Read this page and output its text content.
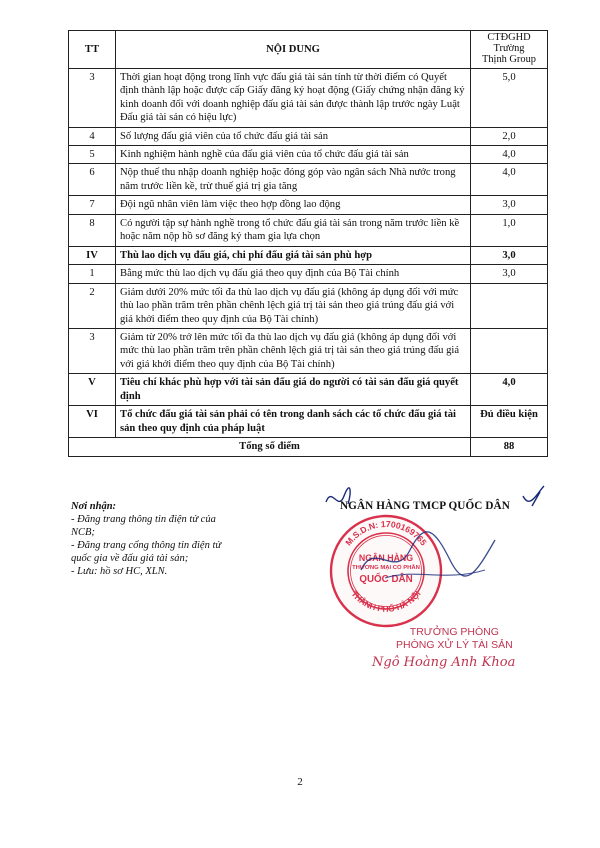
TT	NỘI DUNG	CTĐGHD
Trường
Thịnh Group
3	Thời gian hoạt động trong lĩnh vực đấu giá tài sản tính từ thời điểm có Quyết định thành lập hoặc được cấp Giấy đăng ký hoạt động (Giấy chứng nhận đăng ký kinh doanh đối với doanh nghiệp đấu giá tài sản được thành lập trước ngày Luật Đấu giá tài sản có hiệu lực)	5,0
4	Số lượng đấu giá viên của tổ chức đấu giá tài sản	2,0
5	Kinh nghiệm hành nghề của đấu giá viên của tổ chức đấu giá tài sản	4,0
6	Nộp thuế thu nhập doanh nghiệp hoặc đóng góp vào ngân sách Nhà nước trong năm trước liền kề, trừ thuế giá trị gia tăng	4,0
7	Đội ngũ nhân viên làm việc theo hợp đồng lao động	3,0
8	Có người tập sự hành nghề trong tổ chức đấu giá tài sản trong năm trước liền kề hoặc năm nộp hồ sơ đăng ký tham gia lựa chọn	1,0
IV	Thù lao dịch vụ đấu giá, chi phí đấu giá tài sản phù hợp	3,0
1	Bằng mức thù lao dịch vụ đấu giá theo quy định của Bộ Tài chính	3,0
2	Giảm dưới 20% mức tối đa thù lao dịch vụ đấu giá (không áp dụng đối với mức thù lao phần trăm trên phần chênh lệch giá trị tài sản theo giá trúng đấu giá với giá khởi điểm theo quy định của Bộ Tài chính)	
3	Giảm từ 20% trở lên mức tối đa thù lao dịch vụ đấu giá (không áp dụng đối với mức thù lao phần trăm trên phần chênh lệch giá trị tài sản theo giá trúng đấu giá với giá khởi điểm theo quy định của Bộ Tài chính)	
V	Tiêu chí khác phù hợp với tài sản đấu giá do người có tài sản đấu giá quyết định	4,0
VI	Tổ chức đấu giá tài sản phải có tên trong danh sách các tổ chức đấu giá tài sản theo quy định của pháp luật	Đủ điều kiện
Tổng số điểm		88
Nơi nhận:
- Đăng trang thông tin điện tử của
NCB;
- Đăng trang cổng thông tin điện tử
quốc gia về đấu giá tài sản;
- Lưu: hồ sơ HC, XLN.
NGÂN HÀNG TMCP QUỐC DÂN
M.S.D.N: 1700169765
THÀNH PHỐ HÀ NỘI
NGÂN HÀNG
THƯƠNG MẠI CỔ PHẦN
QUỐC DÂN
TRƯỞNG PHÒNG
PHÒNG XỬ LÝ TÀI SẢN
Ngô Hoàng Anh Khoa
2
